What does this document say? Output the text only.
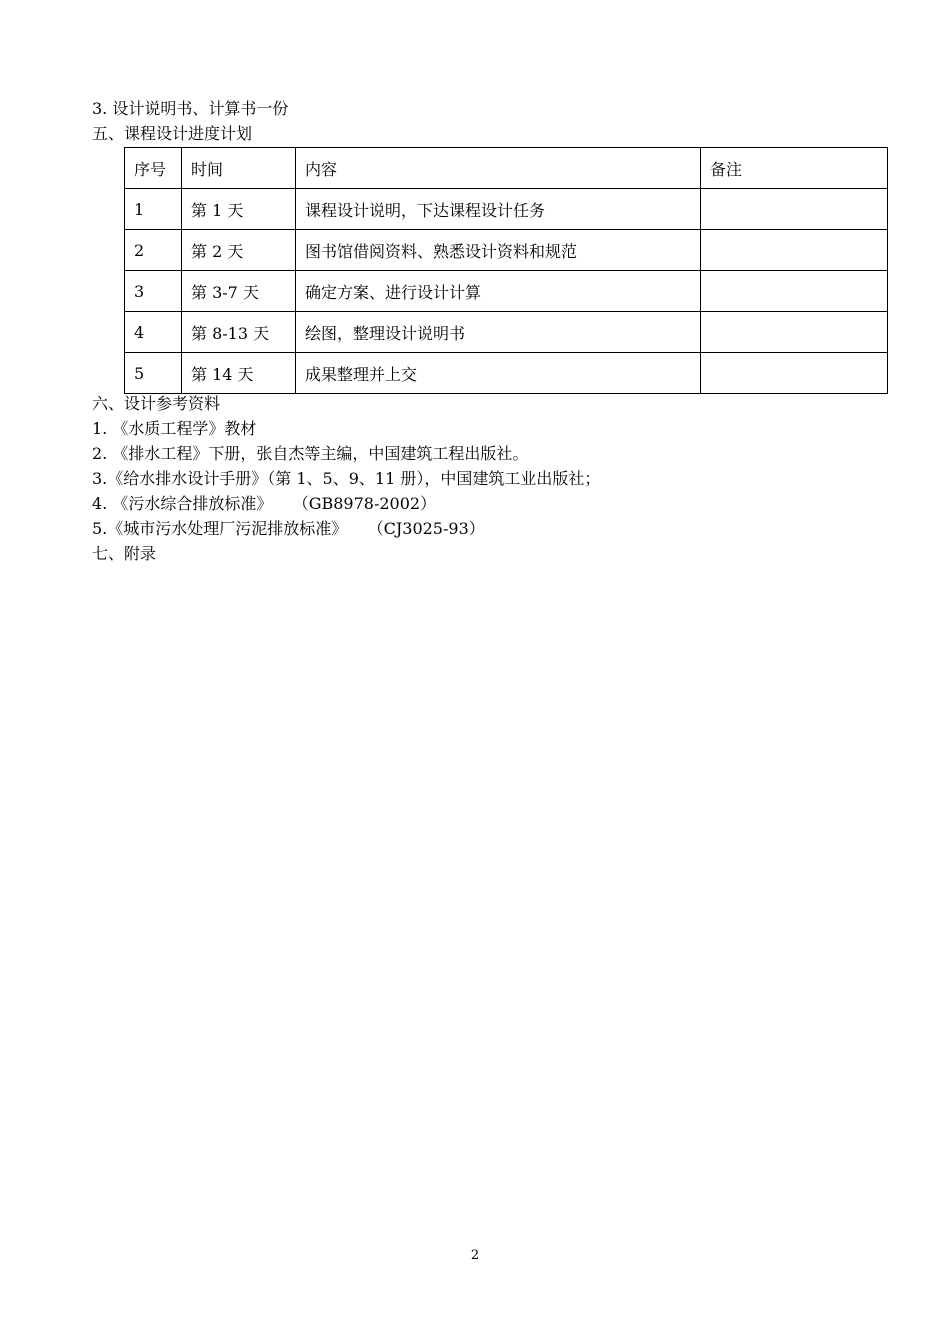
3. 设计说明书、计算书一份
五、课程设计进度计划
序号	时间	内容	备注
1	第 1 天	课程设计说明，下达课程设计任务	
2	第 2 天	图书馆借阅资料、熟悉设计资料和规范	
3	第 3-7 天	确定方案、进行设计计算	
4	第 8-13 天	绘图，整理设计说明书	
5	第 14 天	成果整理并上交	
六、设计参考资料
1. 《水质工程学》教材
2. 《排水工程》下册，张自杰等主编，中国建筑工程出版社。
3.《给水排水设计手册》（第 1、5、9、11 册），中国建筑工业出版社；
4. 《污水综合排放标准》    （GB8978-2002）
5.《城市污水处理厂污泥排放标准》    （CJ3025-93）
七、附录
2
